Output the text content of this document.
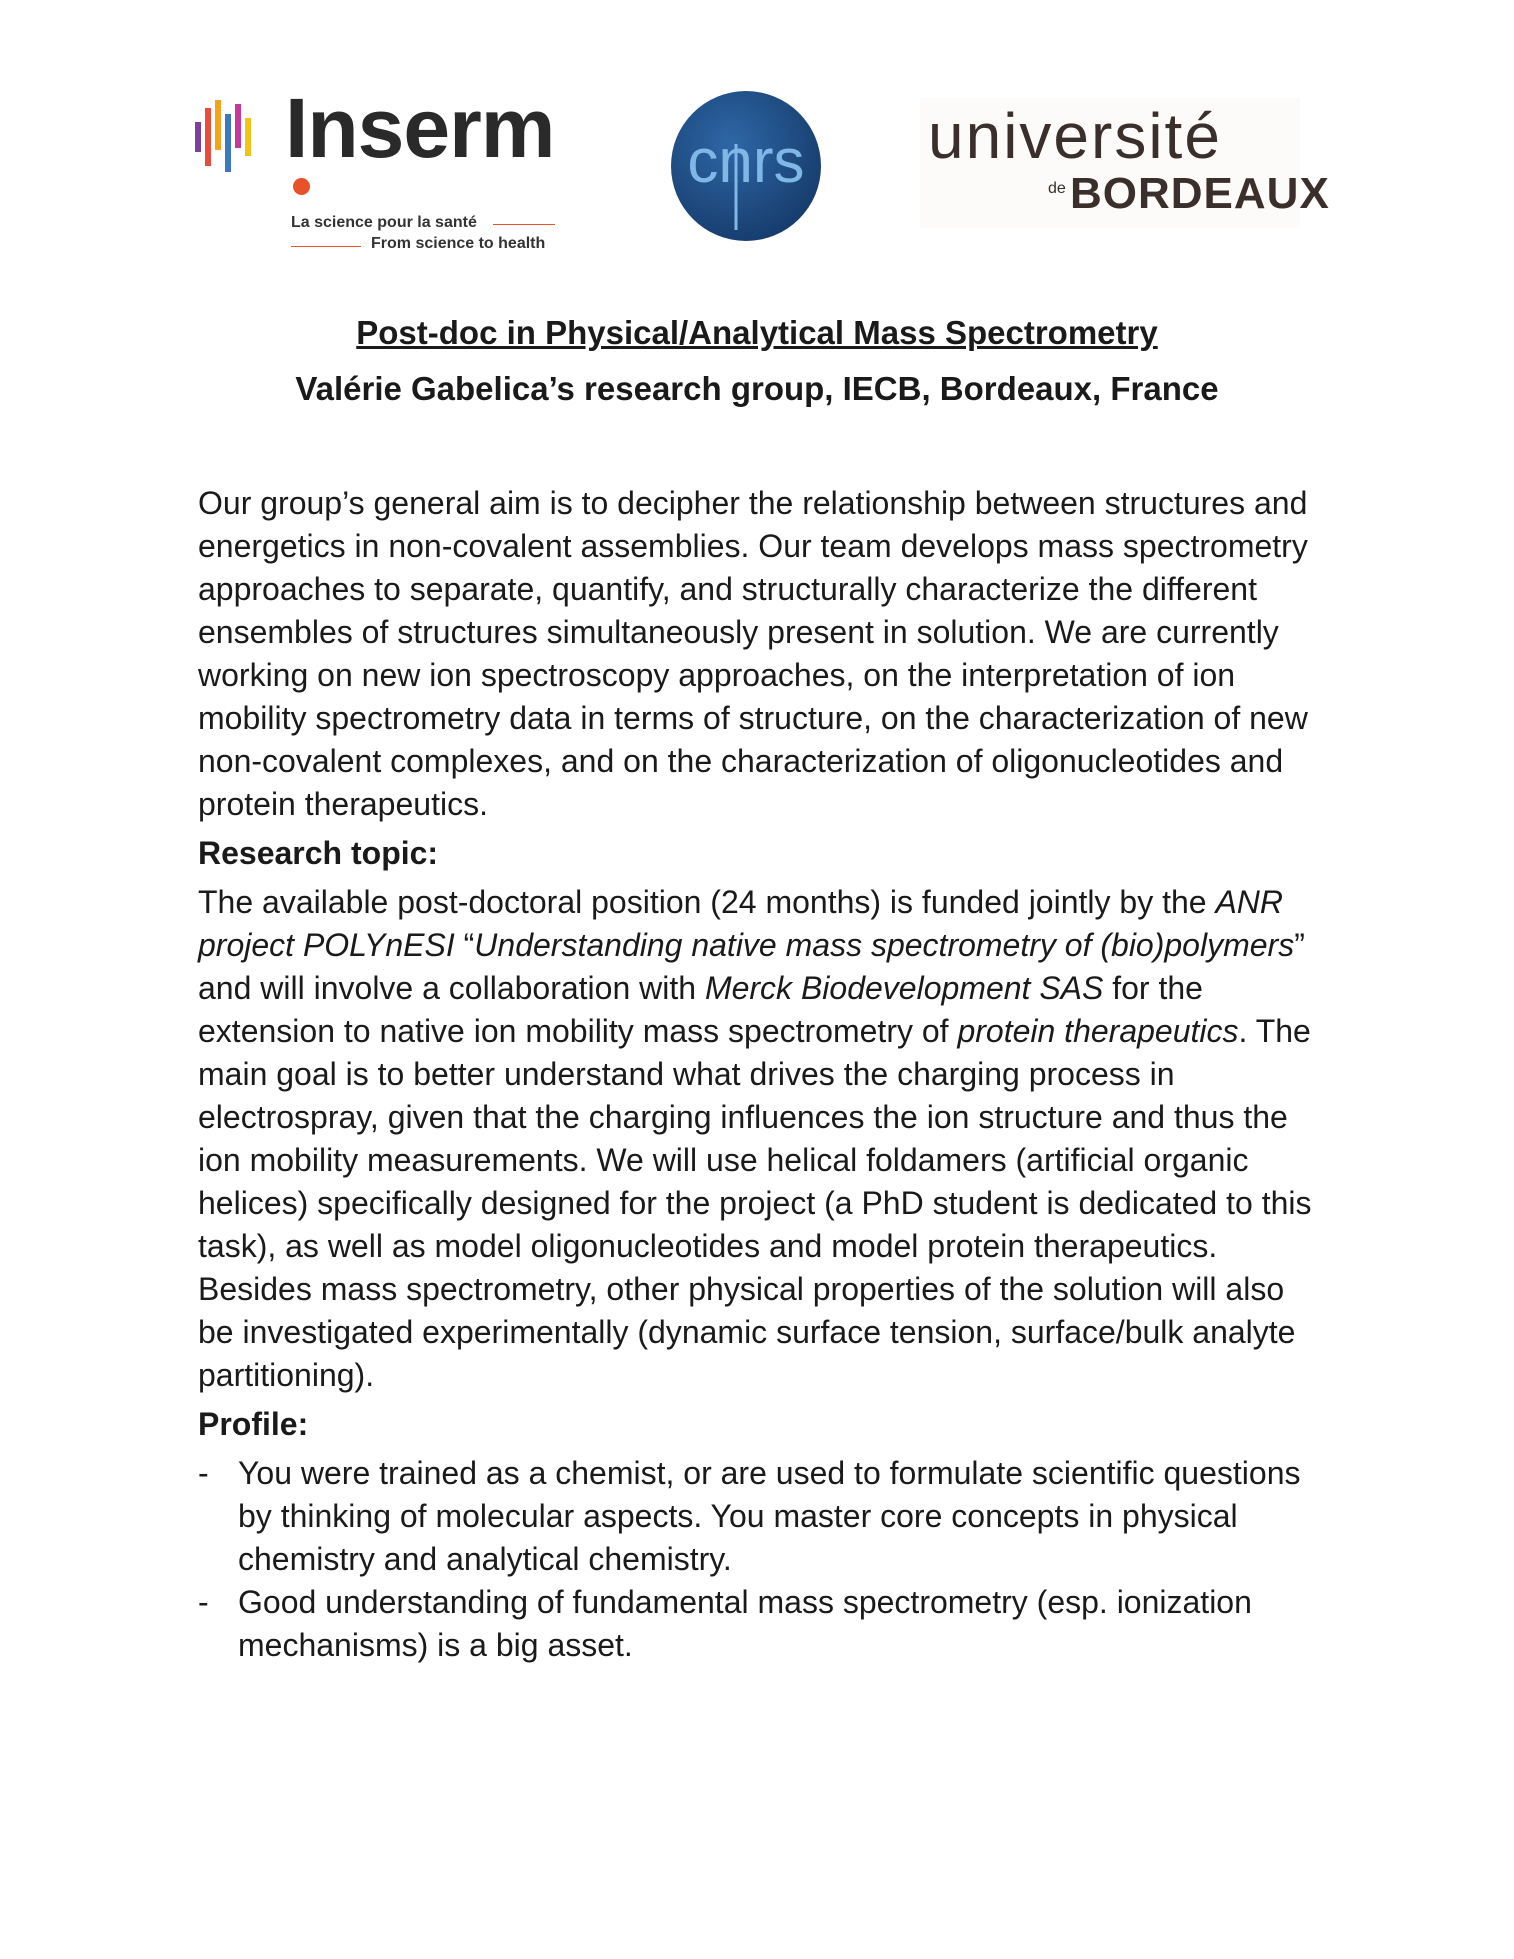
Inserm
La science pour la santé
From science to health
cnrs université
de BORDEAUX
Post-doc in Physical/Analytical Mass Spectrometry
Valérie Gabelica’s research group, IECB, Bordeaux, France

Our group’s general aim is to decipher the relationship between structures and energetics in non-covalent assemblies. Our team develops mass spectrometry approaches to separate, quantify, and structurally characterize the different ensembles of structures simultaneously present in solution. We are currently working on new ion spectroscopy approaches, on the interpretation of ion mobility spectrometry data in terms of structure, on the characterization of new non-covalent complexes, and on the characterization of oligonucleotides and protein therapeutics.

Research topic:

The available post-doctoral position (24 months) is funded jointly by the ANR project POLYnESI “Understanding native mass spectrometry of (bio)polymers” and will involve a collaboration with Merck Biodevelopment SAS for the extension to native ion mobility mass spectrometry of protein therapeutics. The main goal is to better understand what drives the charging process in electrospray, given that the charging influences the ion structure and thus the ion mobility measurements. We will use helical foldamers (artificial organic helices) specifically designed for the project (a PhD student is dedicated to this task), as well as model oligonucleotides and model protein therapeutics. Besides mass spectrometry, other physical properties of the solution will also be investigated experimentally (dynamic surface tension, surface/bulk analyte partitioning).

Profile:

- You were trained as a chemist, or are used to formulate scientific questions by thinking of molecular aspects. You master core concepts in physical chemistry and analytical chemistry.
- Good understanding of fundamental mass spectrometry (esp. ionization mechanisms) is a big asset.
